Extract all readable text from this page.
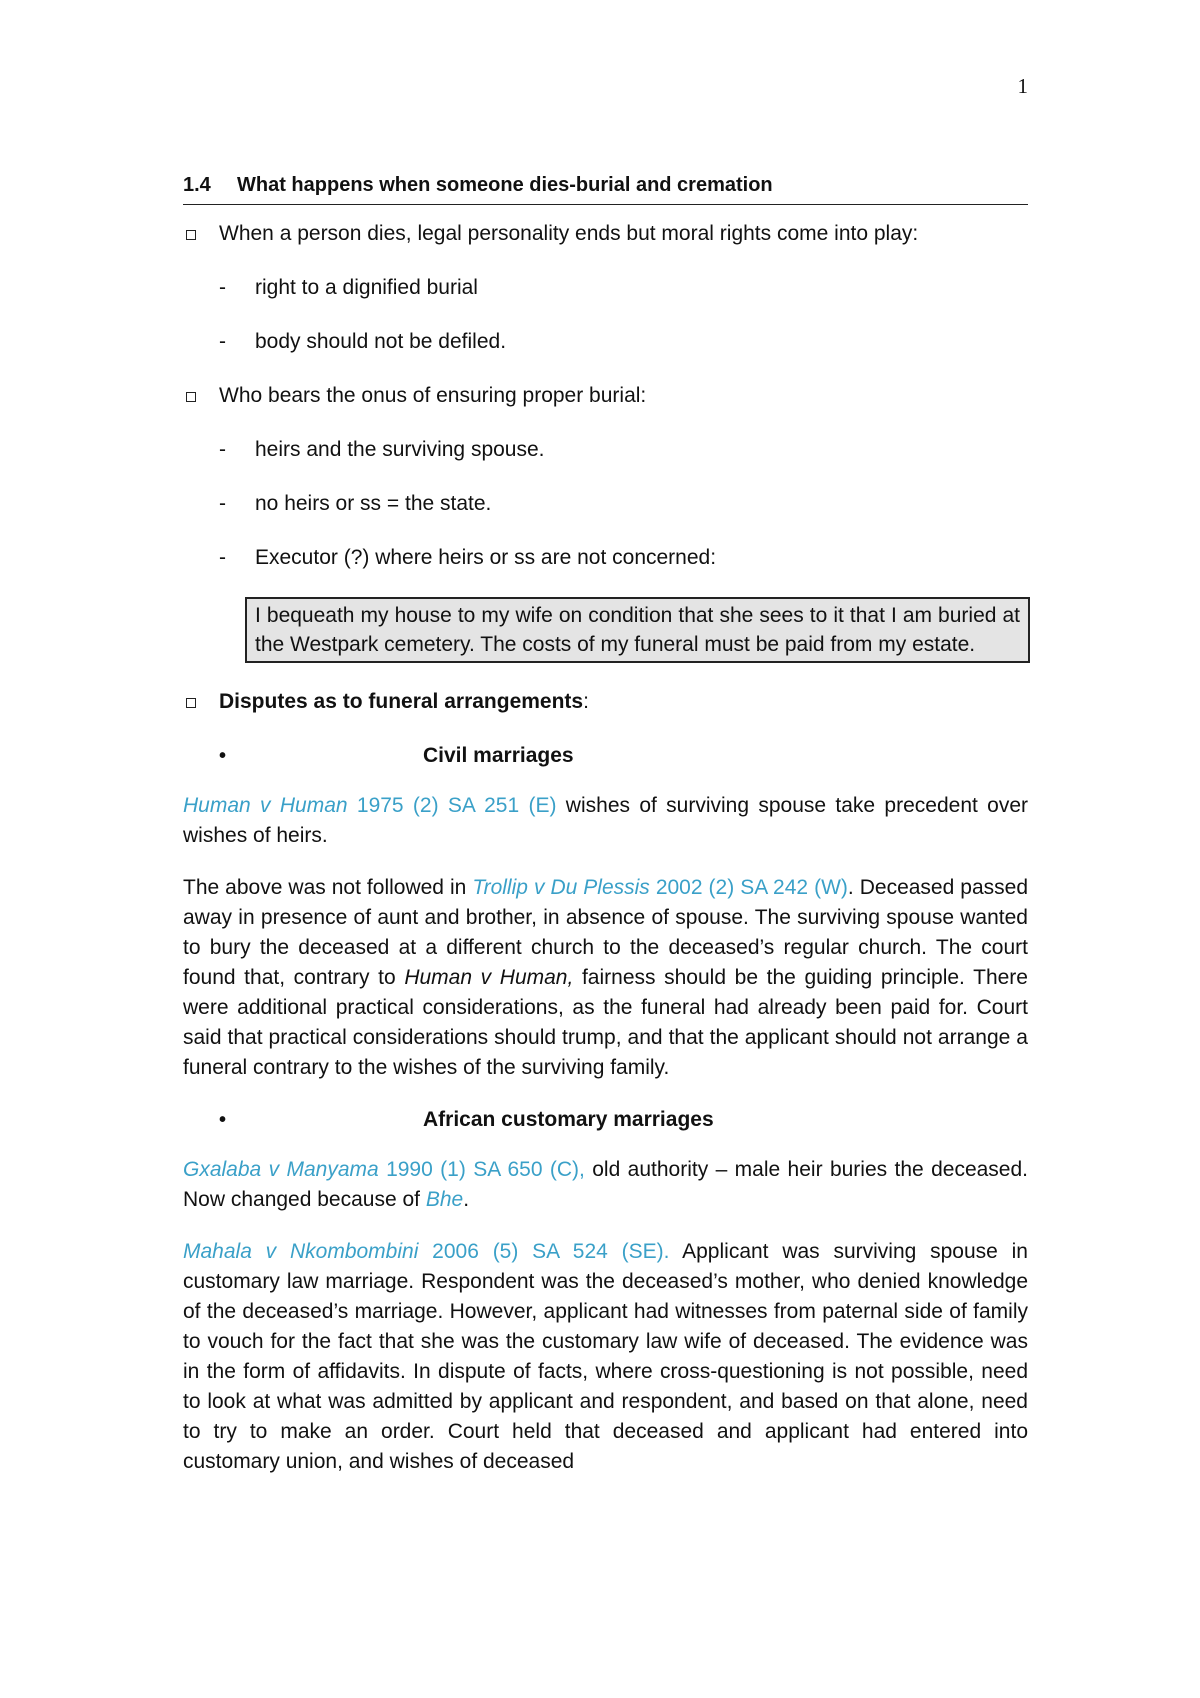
1
1.4	What happens when someone dies-burial and cremation
When a person dies, legal personality ends but moral rights come into play:
-	right to a dignified burial
-	body should not be defiled.
Who bears the onus of ensuring proper burial:
-	heirs and the surviving spouse.
-	no heirs or ss = the state.
-	Executor (?) where heirs or ss are not concerned:
I bequeath my house to my wife on condition that she sees to it that I am buried at the Westpark cemetery. The costs of my funeral must be paid from my estate.
Disputes as to funeral arrangements:
•	Civil marriages
Human v Human 1975 (2) SA 251 (E) wishes of surviving spouse take precedent over wishes of heirs.
The above was not followed in Trollip v Du Plessis 2002 (2) SA 242 (W). Deceased passed away in presence of aunt and brother, in absence of spouse. The surviving spouse wanted to bury the deceased at a different church to the deceased’s regular church. The court found that, contrary to Human v Human, fairness should be the guiding principle. There were additional practical considerations, as the funeral had already been paid for. Court said that practical considerations should trump, and that the applicant should not arrange a funeral contrary to the wishes of the surviving family.
•	African customary marriages
Gxalaba v Manyama 1990 (1) SA 650 (C), old authority – male heir buries the deceased. Now changed because of Bhe.
Mahala v Nkombombini 2006 (5) SA 524 (SE). Applicant was surviving spouse in customary law marriage. Respondent was the deceased’s mother, who denied knowledge of the deceased’s marriage. However, applicant had witnesses from paternal side of family to vouch for the fact that she was the customary law wife of deceased. The evidence was in the form of affidavits. In dispute of facts, where cross-questioning is not possible, need to look at what was admitted by applicant and respondent, and based on that alone, need to try to make an order. Court held that deceased and applicant had entered into customary union, and wishes of deceased
